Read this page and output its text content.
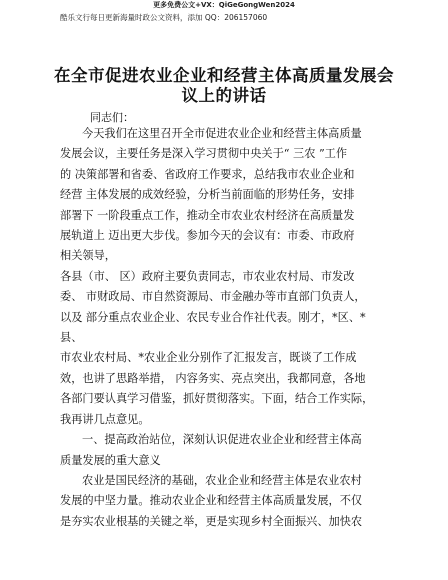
更多免费公文+VX：QiGeGongWen2024
酷乐文行每日更新海量时政公文资料，添加 QQ：206157060
在全市促进农业企业和经营主体高质量发展会
议上的讲话
同志们：

今天我们在这里召开全市促进农业企业和经营主体高质量

发展会议，主要任务是深入学习贯彻中央关于“ 三农 ”工作

的 决策部署和省委、省政府工作要求，总结我市农业企业和

经营 主体发展的成效经验，分析当前面临的形势任务，安排

部署下 一阶段重点工作，推动全市农业农村经济在高质量发

展轨道上 迈出更大步伐。参加今天的会议有：市委、市政府

相关领导，

各县（市、 区）政府主要负责同志，市农业农村局、市发改

委、 市财政局、市自然资源局、市金融办等市直部门负责人，

以及 部分重点农业企业、农民专业合作社代表。刚才，*区、*

县、

市农业农村局、*农业企业分别作了汇报发言，既谈了工作成

效，也讲了思路举措， 内容务实、亮点突出，我都同意，各地

各部门要认真学习借鉴，抓好贯彻落实。下面，结合工作实际，

我再讲几点意见。

一、提高政治站位，深刻认识促进农业企业和经营主体高

质量发展的重大意义

农业是国民经济的基础，农业企业和经营主体是农业农村

发展的中坚力量。推动农业企业和经营主体高质量发展，不仅

是夯实农业根基的关键之举，更是实现乡村全面振兴、加快农
